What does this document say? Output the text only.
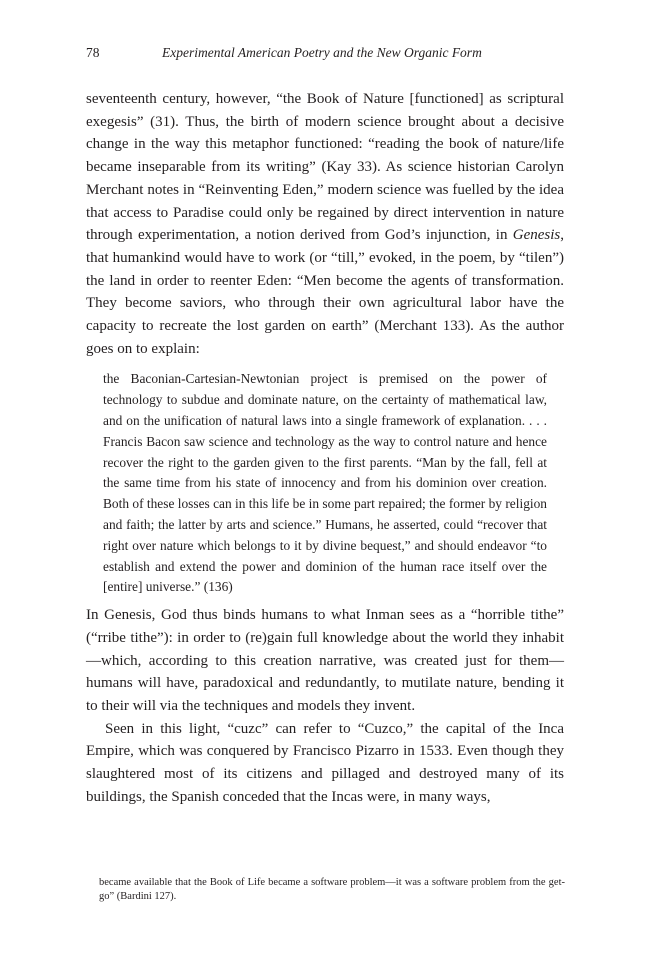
78	Experimental American Poetry and the New Organic Form

seventeenth century, however, “the Book of Nature [functioned] as scriptural exegesis” (31). Thus, the birth of modern science brought about a decisive change in the way this metaphor functioned: “reading the book of nature/life became inseparable from its writing” (Kay 33). As science historian Carolyn Merchant notes in “Reinventing Eden,” modern science was fuelled by the idea that access to Paradise could only be regained by direct intervention in nature through experimentation, a notion derived from God’s injunction, in Genesis, that humankind would have to work (or “till,” evoked, in the poem, by “tilen”) the land in order to reenter Eden: “Men become the agents of transformation. They become saviors, who through their own agricultural labor have the capacity to recreate the lost garden on earth” (Merchant 133). As the author goes on to explain:

the Baconian-Cartesian-Newtonian project is premised on the power of technology to subdue and dominate nature, on the certainty of mathematical law, and on the unification of natural laws into a single framework of explanation. . . . Francis Bacon saw science and technology as the way to control nature and hence recover the right to the garden given to the first parents. “Man by the fall, fell at the same time from his state of innocency and from his dominion over creation. Both of these losses can in this life be in some part repaired; the former by religion and faith; the latter by arts and science.” Humans, he asserted, could “recover that right over nature which belongs to it by divine bequest,” and should endeavor “to establish and extend the power and dominion of the human race itself over the [entire] universe.” (136)

In Genesis, God thus binds humans to what Inman sees as a “horrible tithe” (“rribe tithe”): in order to (re)gain full knowledge about the world they inhabit—which, according to this creation narrative, was created just for them—humans will have, paradoxical and redundantly, to mutilate nature, bending it to their will via the techniques and models they invent.

Seen in this light, “cuzc” can refer to “Cuzco,” the capital of the Inca Empire, which was conquered by Francisco Pizarro in 1533. Even though they slaughtered most of its citizens and pillaged and destroyed many of its buildings, the Spanish conceded that the Incas were, in many ways,

became available that the Book of Life became a software problem—it was a software problem from the get-go” (Bardini 127).
